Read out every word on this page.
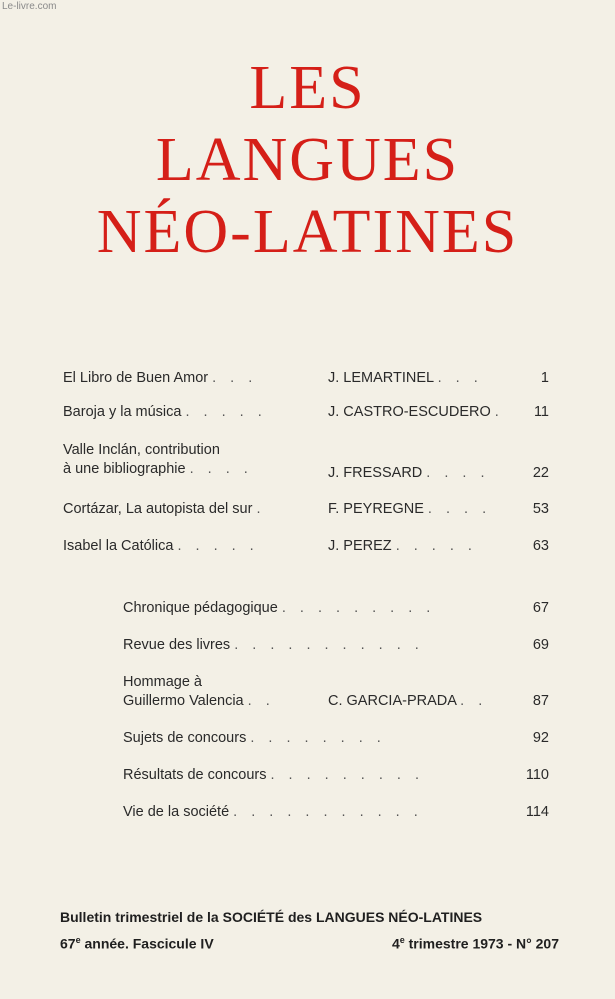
Le-livre.com
LES
LANGUES
NÉO-LATINES
El Libro de Buen Amor . . .	J. LEMARTINEL . . .	1
Baroja y la música . . . . .	J. CASTRO-ESCUDERO . 11
Valle Inclán, contribution
à une bibliographie . . . .	J. FRESSARD . . . .	22
Cortázar, La autopista del sur .	F. PEYREGNE . . . .	53
Isabel la Católica . . . . .	J. PEREZ . . . . .	63
Chronique pédagogique . . . . . . . . .	67
Revue des livres . . . . . . . . . . .	69
Hommage à
Guillermo Valencia . .	C. GARCIA-PRADA . .	87
Sujets de concours . . . . . . . .	92
Résultats de concours . . . . . . . . .	110
Vie de la société . . . . . . . . . . .	114
Bulletin trimestriel de la SOCIÉTÉ des LANGUES NÉO-LATINES
67e année. Fascicule IV	4e trimestre 1973 - N° 207
